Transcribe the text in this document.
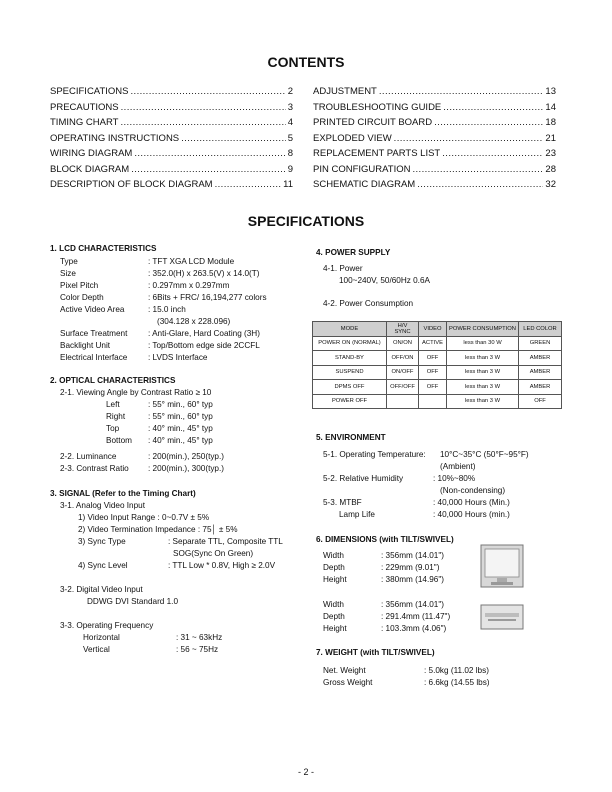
CONTENTS
SPECIFICATIONS .....	2
PRECAUTIONS .....	3
TIMING CHART .....	4
OPERATING INSTRUCTIONS .....	5
WIRING DIAGRAM .....	8
BLOCK DIAGRAM .....	9
DESCRIPTION OF BLOCK DIAGRAM .....	11
ADJUSTMENT .....	13
TROUBLESHOOTING GUIDE .....	14
PRINTED CIRCUIT BOARD .....	18
EXPLODED VIEW .....	21
REPLACEMENT PARTS LIST .....	23
PIN CONFIGURATION .....	28
SCHEMATIC DIAGRAM .....	32
SPECIFICATIONS
1. LCD CHARACTERISTICS
Type	: TFT XGA LCD Module
Size	: 352.0(H) x 263.5(V) x 14.0(T)
Pixel Pitch	: 0.297mm x 0.297mm
Color Depth	: 6Bits + FRC/ 16,194,277 colors
Active Video Area	: 15.0 inch
(304.128 x 228.096)
Surface Treatment	: Anti-Glare, Hard Coating (3H)
Backlight Unit	: Top/Bottom edge side 2CCFL
Electrical Interface	: LVDS Interface
2. OPTICAL CHARACTERISTICS
2-1. Viewing Angle by Contrast Ratio ≥ 10
Left	: 55° min., 60° typ
Right	: 55° min., 60° typ
Top	: 40° min., 45° typ
Bottom : 40° min., 45° typ
2-2. Luminance	: 200(min.), 250(typ.)
2-3. Contrast Ratio : 200(min.), 300(typ.)
3. SIGNAL (Refer to the Timing Chart)
3-1. Analog Video Input
1) Video Input Range : 0~0.7V ± 5%
2) Video Termination Impedance : 75│ ± 5%
3) Sync Type	: Separate TTL, Composite TTL
SOG(Sync On Green)
4) Sync Level	: TTL Low * 0.8V, High ≥ 2.0V
3-2. Digital Video Input
DDWG DVI Standard 1.0
3-3. Operating Frequency
Horizontal	: 31 ~ 63kHz
Vertical	: 56 ~ 75Hz
4. POWER SUPPLY
4-1. Power
100~240V, 50/60Hz 0.6A
4-2. Power Consumption
MODE	H/V SYNC	VIDEO	POWER CONSUMPTION	LED COLOR
POWER ON (NORMAL)	ON/ON	ACTIVE	less than 30 W	GREEN
STAND-BY	OFF/ON	OFF	less than 3 W	AMBER
SUSPEND	ON/OFF	OFF	less than 3 W	AMBER
DPMS OFF	OFF/OFF	OFF	less than 3 W	AMBER
POWER OFF			less than 3 W	OFF
5. ENVIRONMENT
5-1. Operating Temperature: 10°C~35°C (50°F~95°F)
(Ambient)
5-2. Relative Humidity	: 10%~80%
(Non-condensing)
5-3. MTBF	: 40,000 Hours (Min.)
Lamp Life	: 40,000 Hours (min.)
6. DIMENSIONS (with TILT/SWIVEL)
Width	: 356mm (14.01")
Depth	: 229mm (9.01")
Height	: 380mm (14.96")
Width	: 356mm (14.01")
Depth	: 291.4mm (11.47")
Height	: 103.3mm (4.06")
7. WEIGHT (with TILT/SWIVEL)
Net. Weight	: 5.0kg (11.02 lbs)
Gross Weight	: 6.6kg (14.55 lbs)
- 2 -
